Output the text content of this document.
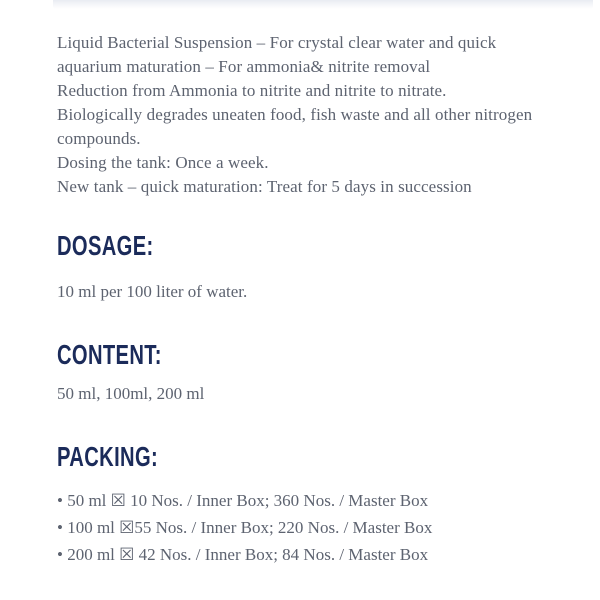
Liquid Bacterial Suspension – For crystal clear water and quick
aquarium maturation – For ammonia& nitrite removal
Reduction from Ammonia to nitrite and nitrite to nitrate.
Biologically degrades uneaten food, fish waste and all other nitrogen
compounds.
Dosing the tank: Once a week.
New tank – quick maturation: Treat for 5 days in succession
DOSAGE:
10 ml per 100 liter of water.
CONTENT:
50 ml, 100ml, 200 ml
PACKING:
• 50 ml ☒ 10 Nos. / Inner Box; 360 Nos. / Master Box
• 100 ml ☒55 Nos. / Inner Box; 220 Nos. / Master Box
• 200 ml ☒ 42 Nos. / Inner Box; 84 Nos. / Master Box
